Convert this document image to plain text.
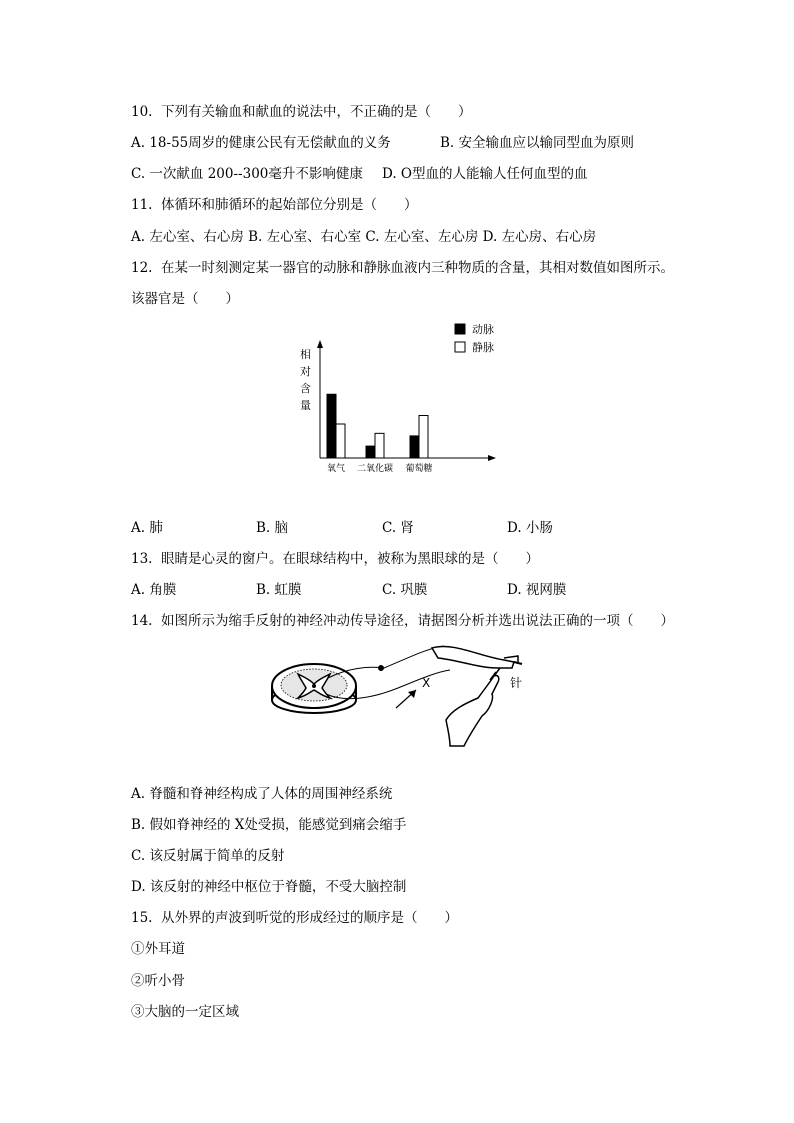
10.  下列有关输血和献血的说法中，不正确的是（　　）
A. 18-55周岁的健康公民有无偿献血的义务	B. 安全输血应以输同型血为原则
C. 一次献血 200--300毫升不影响健康 D. O型血的人能输人任何血型的血
11.  体循环和肺循环的起始部位分别是（　　）
A. 左心室、右心房 B. 左心室、右心室 C. 左心室、左心房 D. 左心房、右心房
12.  在某一时刻测定某一器官的动脉和静脉血液内三种物质的含量，其相对数值如图所示。
该器官是（　　）
相
对
含
量
氧气 二氧化碳 葡萄糖
动脉
静脉
A. 肺	B. 脑	C. 肾	D. 小肠
13.  眼睛是心灵的窗户。在眼球结构中，被称为黑眼球的是（　　）
A. 角膜	B. 虹膜	C. 巩膜	D. 视网膜
14.  如图所示为缩手反射的神经冲动传导途径，请据图分析并选出说法正确的一项（　　）
针
X
A. 脊髓和脊神经构成了人体的周围神经系统
B. 假如脊神经的 X处受损，能感觉到痛会缩手
C. 该反射属于简单的反射
D. 该反射的神经中枢位于脊髓，不受大脑控制
15.  从外界的声波到听觉的形成经过的顺序是（　　）
①外耳道
②听小骨
③大脑的一定区域
